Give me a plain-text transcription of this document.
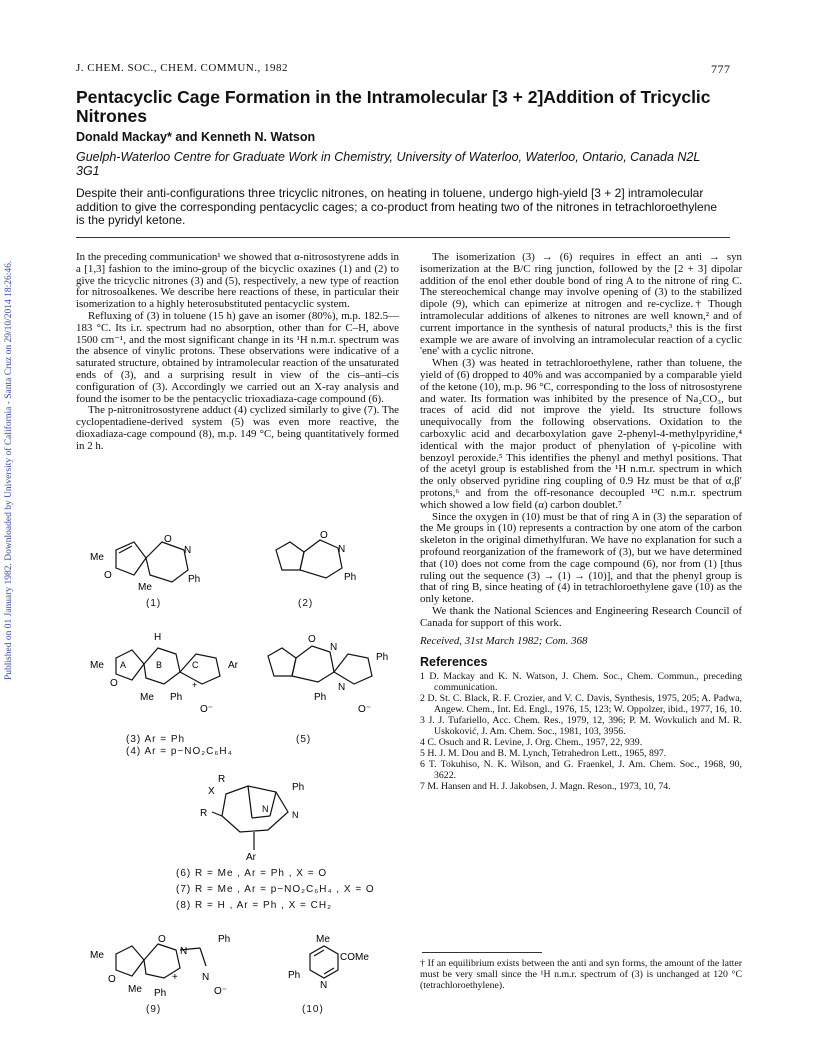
Published on 01 January 1982. Downloaded by University of California - Santa Cruz on 29/10/2014 18:26:46.
J. CHEM. SOC., CHEM. COMMUN., 1982	777
Pentacyclic Cage Formation in the Intramolecular [3 + 2]Addition of Tricyclic Nitrones
Donald Mackay* and Kenneth N. Watson
Guelph-Waterloo Centre for Graduate Work in Chemistry, University of Waterloo, Waterloo, Ontario, Canada N2L 3G1
Despite their anti-configurations three tricyclic nitrones, on heating in toluene, undergo high-yield [3 + 2] intramolecular addition to give the corresponding pentacyclic cages; a co-product from heating two of the nitrones in tetrachloroethylene is the pyridyl ketone.

In the preceding communication¹ we showed that α-nitrosostyrene adds in a [1,3] fashion to the imino-group of the bicyclic oxazines (1) and (2) to give the tricyclic nitrones (3) and (5), respectively, a new type of reaction for nitrosoalkenes. We describe here reactions of these, in particular their isomerization to a highly heterosubstituted pentacyclic system.

Refluxing of (3) in toluene (15 h) gave an isomer (80%), m.p. 182.5—183 °C. Its i.r. spectrum had no absorption, other than for C–H, above 1500 cm⁻¹, and the most significant change in its ¹H n.m.r. spectrum was the absence of vinylic protons. These observations were indicative of a saturated structure, obtained by intramolecular reaction of the unsaturated ends of (3), and a surprising result in view of the cis–anti–cis configuration of (3). Accordingly we carried out an X-ray analysis and found the isomer to be the pentacyclic trioxadiaza-cage compound (6).

The p-nitronitrosostyrene adduct (4) cyclized similarly to give (7). The cyclopentadiene-derived system (5) was even more reactive, the dioxadiaza-cage compound (8), m.p. 149 °C, being quantitatively formed in 2 h.

The isomerization (3) → (6) requires in effect an anti → syn isomerization at the B/C ring junction, followed by the [2 + 3] dipolar addition of the enol ether double bond of ring A to the nitrone of ring C. The stereochemical change may involve opening of (3) to the stabilized dipole (9), which can epimerize at nitrogen and re-cyclize.† Though intramolecular additions of alkenes to nitrones are well known,² and of current importance in the synthesis of natural products,³ this is the first example we are aware of involving an intramolecular reaction of a cyclic 'ene' with a cyclic nitrone.

When (3) was heated in tetrachloroethylene, rather than toluene, the yield of (6) dropped to 40% and was accompanied by a comparable yield of the ketone (10), m.p. 96 °C, corresponding to the loss of nitrosostyrene and water. Its formation was inhibited by the presence of Na₂CO₃, but traces of acid did not improve the yield. Its structure follows unequivocally from the following observations. Oxidation to the carboxylic acid and decarboxylation gave 2-phenyl-4-methylpyridine,⁴ identical with the major product of phenylation of γ-picoline with benzoyl peroxide.⁵ This identifies the phenyl and methyl positions. That of the acetyl group is established from the ¹H n.m.r. spectrum in which the only observed pyridine ring coupling of 0.9 Hz must be that of α,β′ protons,⁶ and from the off-resonance decoupled ¹³C n.m.r. spectrum which showed a low field (α) carbon doublet.⁷

Since the oxygen in (10) must be that of ring A in (3) the separation of the Me groups in (10) represents a contraction by one atom of the carbon skeleton in the original dimethylfuran. We have no explanation for such a profound reorganization of the framework of (3), but we have determined that (10) does not come from the cage compound (6), nor from (1) [thus ruling out the sequence (3) → (1) → (10)], and that the phenyl group is that of ring B, since heating of (4) in tetrachloroethylene gave (10) as the only ketone.

We thank the National Sciences and Engineering Research Council of Canada for support of this work.

Received, 31st March 1982; Com. 368

References
1 D. Mackay and K. N. Watson, J. Chem. Soc., Chem. Commun., preceding communication.
2 D. St. C. Black, R. F. Crozier, and V. C. Davis, Synthesis, 1975, 205; A. Padwa, Angew. Chem., Int. Ed. Engl., 1976, 15, 123; W. Oppolzer, ibid., 1977, 16, 10.
3 J. J. Tufariello, Acc. Chem. Res., 1979, 12, 396; P. M. Wovkulich and M. R. Uskoković, J. Am. Chem. Soc., 1981, 103, 3956.
4 C. Osuch and R. Levine, J. Org. Chem., 1957, 22, 939.
5 H. J. M. Dou and B. M. Lynch, Tetrahedron Lett., 1965, 897.
6 T. Tokuhiso, N. K. Wilson, and G. Fraenkel, J. Am. Chem. Soc., 1968, 90, 3622.
7 M. Hansen and H. J. Jakobsen, J. Magn. Reson., 1973, 10, 74.
† If an equilibrium exists between the anti and syn forms, the amount of the latter must be very small since the ¹H n.m.r. spectrum of (3) is unchanged at 120 °C (tetrachloroethylene).
Me
O
O
N
Ph
Me
O
N
Ph
(1)	(2)
H
Me A	B	C	Ar
O
Me Ph
+
O⁻
O
N
Ph
Ph
N
O⁻
(3) Ar = Ph
(4) Ar = p−NO₂C₆H₄
(5)
R
X
R
Ph
N
N
Ar
(6) R = Me , Ar = Ph , X = O
(7) R = Me , Ar = p−NO₂C₆H₄ , X = O
(8) R = H , Ar = Ph , X = CH₂
Me
O
O
N
Ph
+ N
O⁻
Me Ph
Me
COMe
Ph
N
(9)	(10)
